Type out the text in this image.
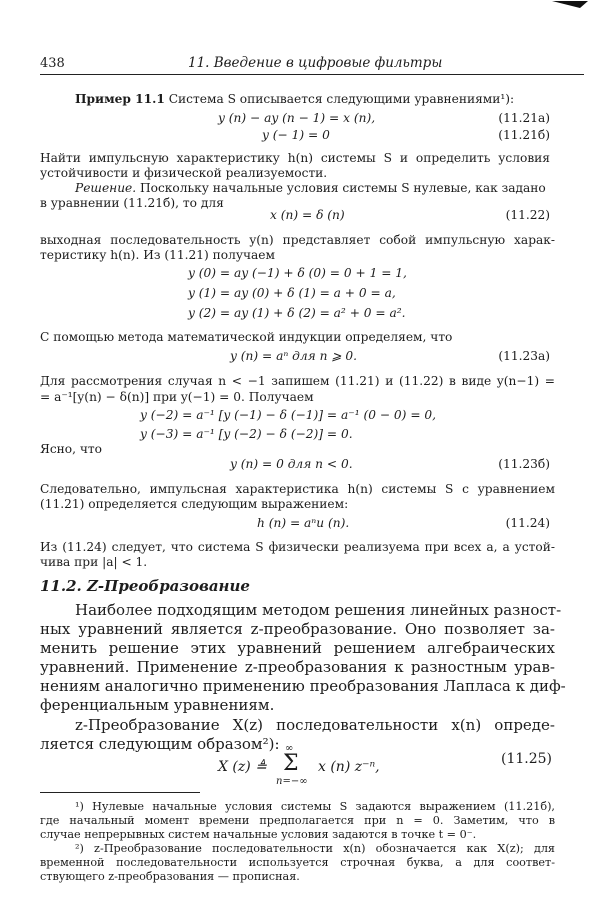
438	11. Введение в цифровые фильтры
Пример 11.1 Система S описывается следующими уравнениями¹):
y (n) − ay (n − 1) = x (n),	(11.21a)
y (− 1) = 0	(11.21б)
Найти импульсную характеристику h(n) системы S и определить условия
устойчивости и физической реализуемости.
Решение. Поскольку начальные условия системы S нулевые, как задано
в уравнении (11.21б), то для
x (n) = δ (n)	(11.22)
выходная последовательность y(n) представляет собой импульсную харак-
теристику h(n). Из (11.21) получаем
y (0) = ay (−1) + δ (0) = 0 + 1 = 1,
y (1) = ay (0) + δ (1) = a + 0 = a,
y (2) = ay (1) + δ (2) = a² + 0 = a².
С помощью метода математической индукции определяем, что
y (n) = aⁿ для n ⩾ 0.	(11.23a)
Для рассмотрения случая n < −1 запишем (11.21) и (11.22) в виде y(n−1) =
= a⁻¹[y(n) − δ(n)] при y(−1) = 0. Получаем
y (−2) = a⁻¹ [y (−1) − δ (−1)] = a⁻¹ (0 − 0) = 0,
y (−3) = a⁻¹ [y (−2) − δ (−2)] = 0.
Ясно, что
y (n) = 0 для n < 0.	(11.23б)
Следовательно, импульсная характеристика h(n) системы S с уравнением
(11.21) определяется следующим выражением:
h (n) = aⁿu (n).	(11.24)
Из (11.24) следует, что система S физически реализуема при всех a, а устой-
чива при |a| < 1.
11.2. Z-Преобразование
Наиболее подходящим методом решения линейных разност-
ных уравнений является z-преобразование. Оно позволяет за-
менить решение этих уравнений решением алгебраических
уравнений. Применение z-преобразования к разностным урав-
нениям аналогично применению преобразования Лапласа к диф-
ференциальным уравнениям.
z-Преобразование X(z) последовательности x(n) опреде-
ляется следующим образом²):
X (z) ≜
∞
Σ
n=−∞
x (n) z⁻ⁿ,	(11.25)
¹) Нулевые начальные условия системы S задаются выражением (11.21б),
где начальный момент времени предполагается при n = 0. Заметим, что в
случае непрерывных систем начальные условия задаются в точке t = 0⁻.
²) z-Преобразование последовательности x(n) обозначается как X(z); для
временной последовательности используется строчная буква, а для соответ-
ствующего z-преобразования — прописная.
